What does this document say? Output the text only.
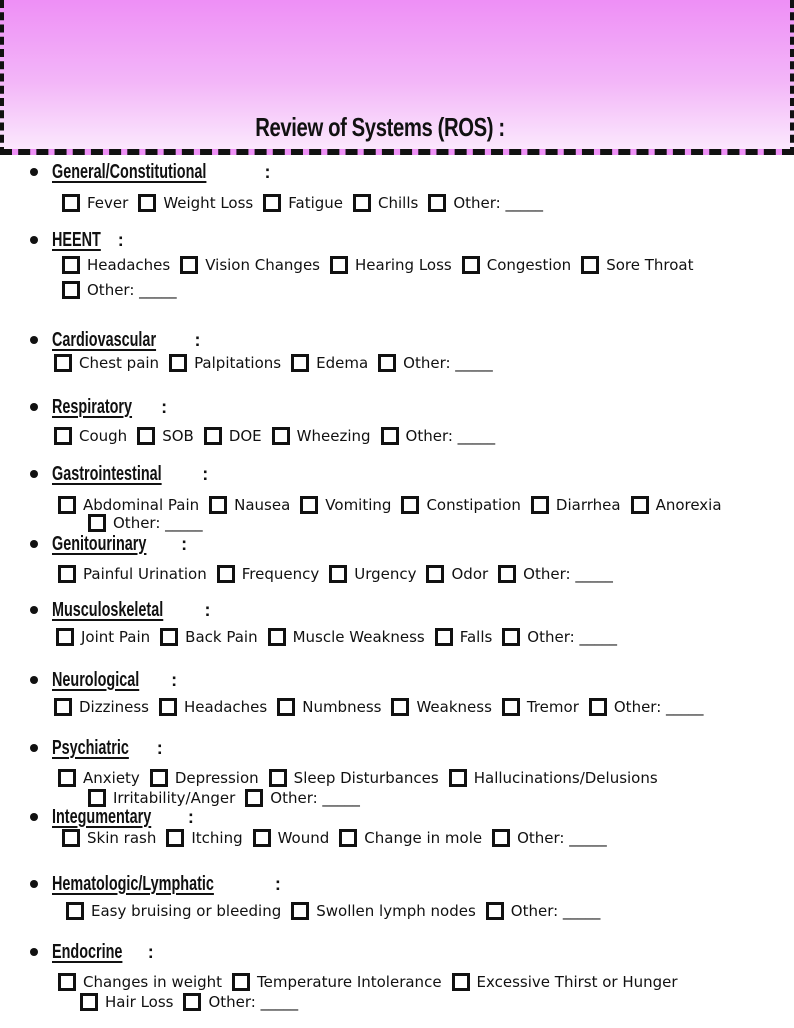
Review of Systems (ROS) :
General/Constitutional	:
Fever Weight Loss Fatigue Chills Other: _____
HEENT :
Headaches Vision Changes Hearing Loss Congestion Sore Throat
Other: _____
Cardiovascular :
Chest pain Palpitations Edema Other: _____
Respiratory :
Cough SOB DOE Wheezing Other: _____
Gastrointestinal :
Abdominal Pain Nausea Vomiting Constipation Diarrhea Anorexia
Other: _____
Genitourinary :
Painful Urination Frequency Urgency Odor Other: _____
Musculoskeletal :
Joint Pain Back Pain Muscle Weakness Falls Other: _____
Neurological :
Dizziness Headaches Numbness Weakness Tremor Other: _____
Psychiatric :
Anxiety Depression Sleep Disturbances Hallucinations/Delusions
Irritability/Anger Other: _____
Integumentary :
Skin rash Itching Wound Change in mole Other: _____
Hematologic/Lymphatic	:
Easy bruising or bleeding Swollen lymph nodes Other: _____
Endocrine :
Changes in weight Temperature Intolerance Excessive Thirst or Hunger
Hair Loss Other: _____
